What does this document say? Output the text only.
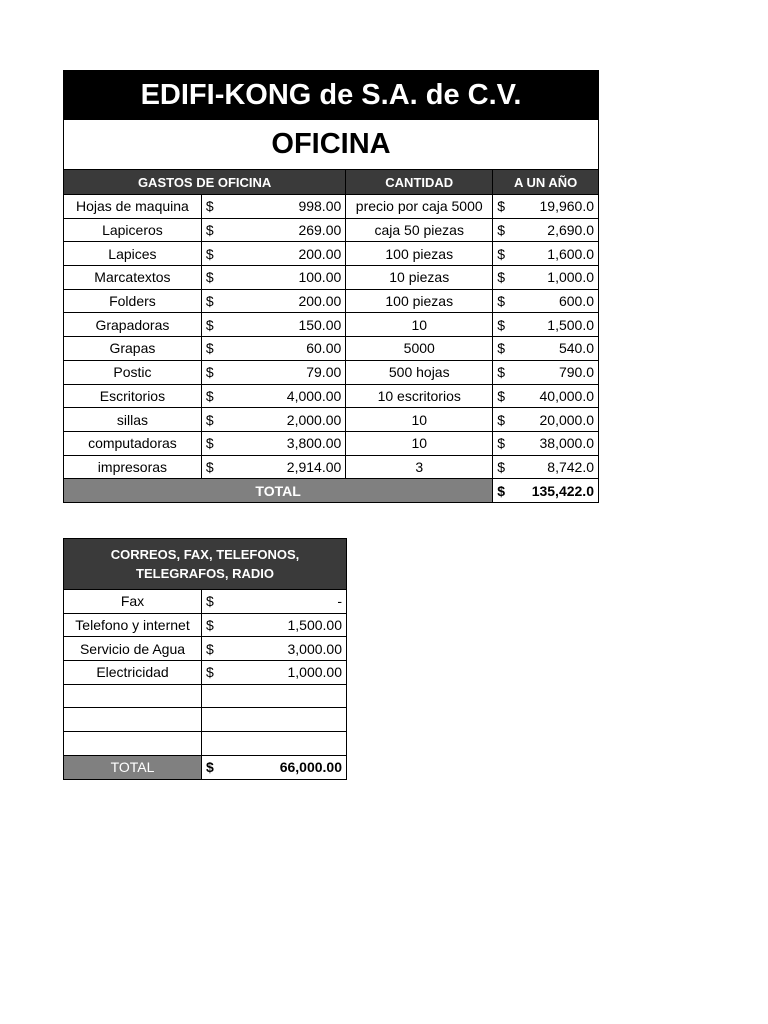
EDIFI-KONG de S.A. de C.V.
OFICINA
GASTOS DE OFICINA		CANTIDAD	A UN AÑO
Hojas de maquina	$ 998.00	precio por caja 5000	$ 19,960.0

Lapiceros	$ 269.00	caja 50 piezas	$ 2,690.0

Lapices	$ 200.00	100 piezas	$ 1,600.0

Marcatextos	$ 100.00	10 piezas	$ 1,000.0

Folders	$ 200.00	100 piezas	$ 600.0

Grapadoras	$ 150.00	10	$ 1,500.0

Grapas	$ 60.00	5000	$ 540.0

Postic	$ 79.00	500 hojas	$ 790.0

Escritorios	$ 4,000.00	10 escritorios	$ 40,000.0

sillas	$ 2,000.00	10	$ 20,000.0

computadoras	$ 3,800.00	10	$ 38,000.0

impresoras	$ 2,914.00	3	$ 8,742.0

TOTAL			$ 135,422.0
CORREOS, FAX, TELEFONOS, TELEGRAFOS, RADIO	
Fax	$ -

Telefono y internet	$ 1,500.00

Servicio de Agua	$ 3,000.00

Electricidad	$ 1,000.00

TOTAL	$ 66,000.00
